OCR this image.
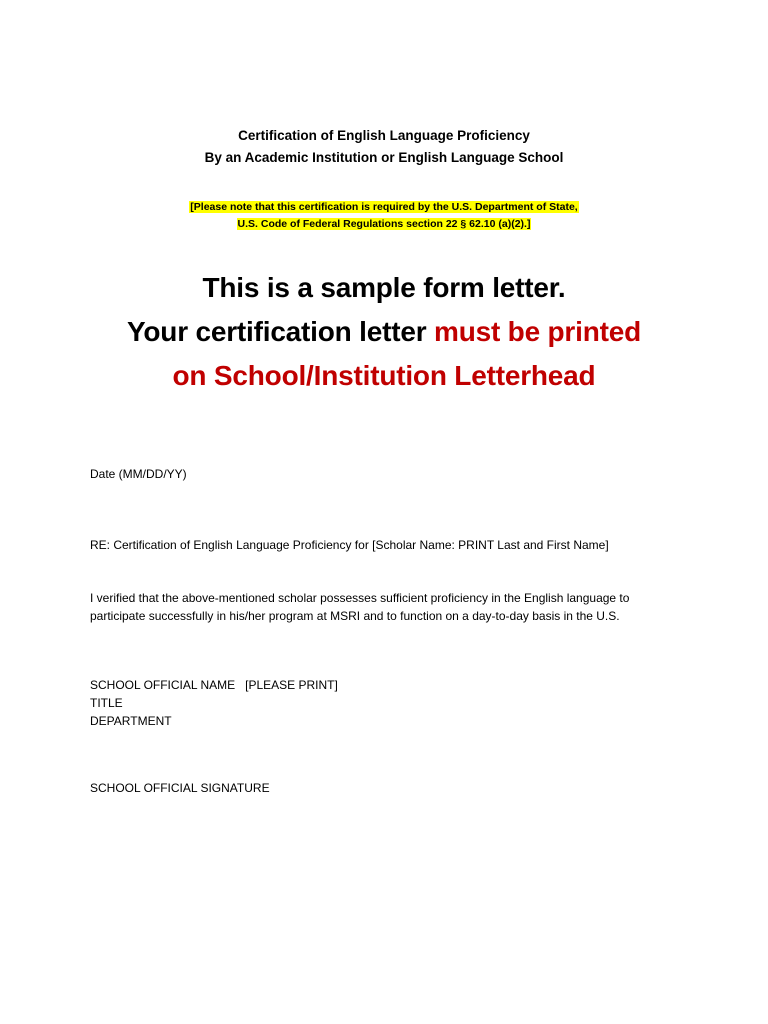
Certification of English Language Proficiency
By an Academic Institution or English Language School
[Please note that this certification is required by the U.S. Department of State,
U.S. Code of Federal Regulations section 22 § 62.10 (a)(2).]
This is a sample form letter.
Your certification letter must be printed
on School/Institution Letterhead
Date (MM/DD/YY)
RE: Certification of English Language Proficiency for [Scholar Name: PRINT Last and First Name]
I verified that the above-mentioned scholar possesses sufficient proficiency in the English language to
participate successfully in his/her program at MSRI and to function on a day-to-day basis in the U.S.
SCHOOL OFFICIAL NAME   [PLEASE PRINT]
TITLE
DEPARTMENT
SCHOOL OFFICIAL SIGNATURE
